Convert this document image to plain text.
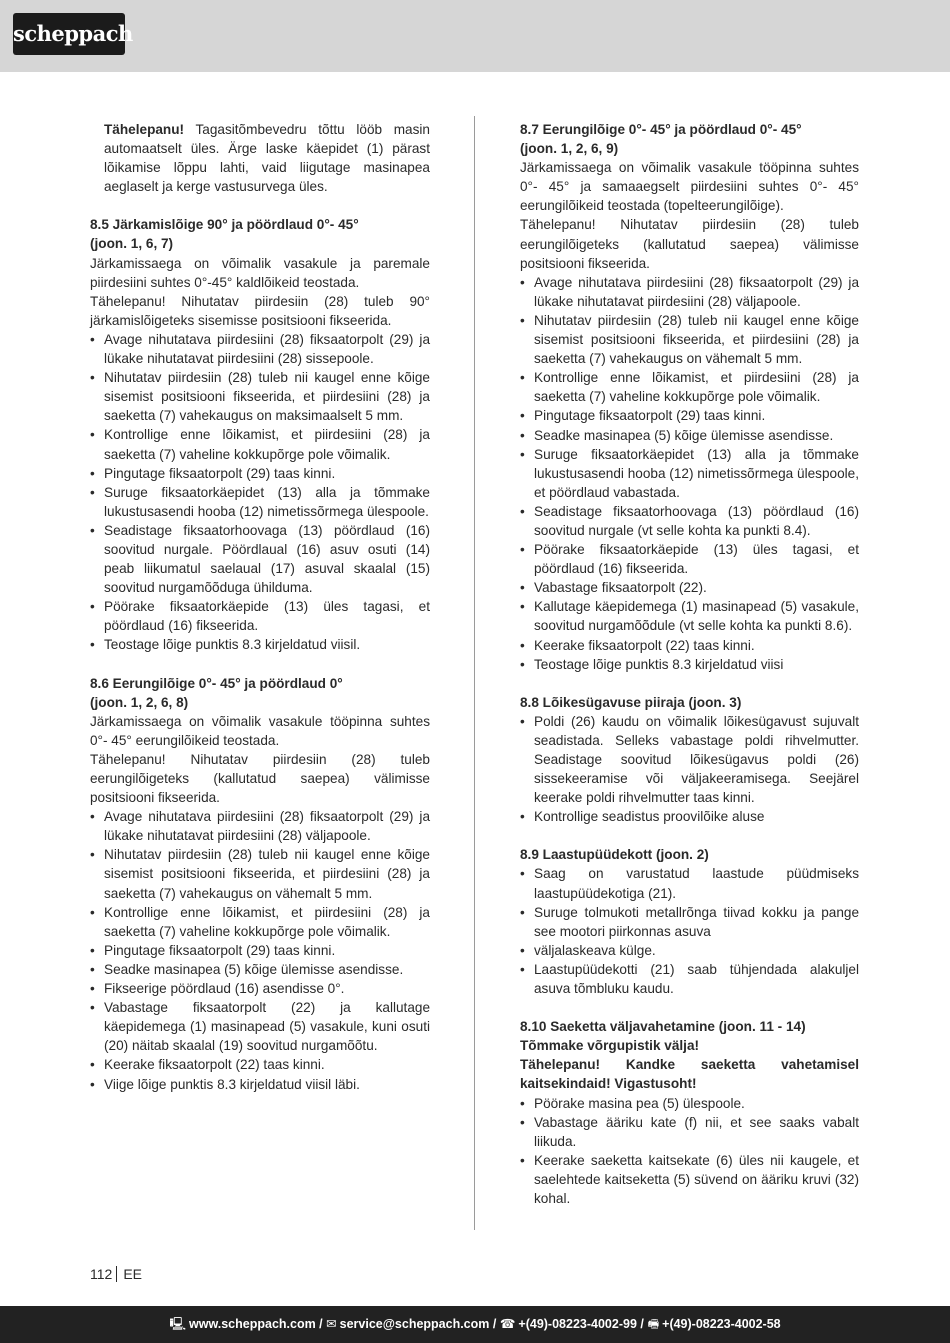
scheppach
Tähelepanu! Tagasitõmbevedru tõttu lööb masin automaatselt üles. Ärge laske käepidet (1) pärast lõikamise lõppu lahti, vaid liigutage masinapea aeglaselt ja kerge vastusurvega üles.
8.5 Järkamislõige 90° ja pöördlaud 0°- 45°
(joon. 1, 6, 7)
Järkamissaega on võimalik vasakule ja paremale piirdesiini suhtes 0°-45° kaldlõikeid teostada.
Tähelepanu! Nihutatav piirdesiin (28) tuleb 90° järkamislõigeteks sisemisse positsiooni fikseerida.
• Avage nihutatava piirdesiini (28) fiksaatorpolt (29) ja lükake nihutatavat piirdesiini (28) sissepoole.
• Nihutatav piirdesiin (28) tuleb nii kaugel enne kõige sisemist positsiooni fikseerida, et piirdesiini (28) ja saeketta (7) vahekaugus on maksimaalselt 5 mm.
• Kontrollige enne lõikamist, et piirdesiini (28) ja saeketta (7) vaheline kokkupõrge pole võimalik.
• Pingutage fiksaatorpolt (29) taas kinni.
• Suruge fiksaatorkäepidet (13) alla ja tõmmake lukustusasendi hooba (12) nimetissõrmega ülespoole.
• Seadistage fiksaatorhoovaga (13) pöördlaud (16) soovitud nurgale. Pöördlaual (16) asuv osuti (14) peab liikumatul saelaual (17) asuval skaalal (15) soovitud nurgamõõduga ühilduma.
• Pöörake fiksaatorkäepide (13) üles tagasi, et pöördlaud (16) fikseerida.
• Teostage lõige punktis 8.3 kirjeldatud viisil.
8.6 Eerungilõige 0°- 45° ja pöördlaud 0°
(joon. 1, 2, 6, 8)
Järkamissaega on võimalik vasakule tööpinna suhtes 0°- 45° eerungilõikeid teostada.
Tähelepanu! Nihutatav piirdesiin (28) tuleb eerungilõigeteks (kallutatud saepea) välimisse positsiooni fikseerida.
• Avage nihutatava piirdesiini (28) fiksaatorpolt (29) ja lükake nihutatavat piirdesiini (28) väljapoole.
• Nihutatav piirdesiin (28) tuleb nii kaugel enne kõige sisemist positsiooni fikseerida, et piirdesiini (28) ja saeketta (7) vahekaugus on vähemalt 5 mm.
• Kontrollige enne lõikamist, et piirdesiini (28) ja saeketta (7) vaheline kokkupõrge pole võimalik.
• Pingutage fiksaatorpolt (29) taas kinni.
• Seadke masinapea (5) kõige ülemisse asendisse.
• Fikseerige pöördlaud (16) asendisse 0°.
• Vabastage fiksaatorpolt (22) ja kallutage käepidemega (1) masinapead (5) vasakule, kuni osuti (20) näitab skaalal (19) soovitud nurgamõõtu.
• Keerake fiksaatorpolt (22) taas kinni.
• Viige lõige punktis 8.3 kirjeldatud viisil läbi.
8.7 Eerungilõige 0°- 45° ja pöördlaud 0°- 45°
(joon. 1, 2, 6, 9)
Järkamissaega on võimalik vasakule tööpinna suhtes 0°- 45° ja samaaegselt piirdesiini suhtes 0°- 45° eerungilõikeid teostada (topelteerungilõige).
Tähelepanu! Nihutatav piirdesiin (28) tuleb eerungilõigeteks (kallutatud saepea) välimisse positsiooni fikseerida.
• Avage nihutatava piirdesiini (28) fiksaatorpolt (29) ja lükake nihutatavat piirdesiini (28) väljapoole.
• Nihutatav piirdesiin (28) tuleb nii kaugel enne kõige sisemist positsiooni fikseerida, et piirdesiini (28) ja saeketta (7) vahekaugus on vähemalt 5 mm.
• Kontrollige enne lõikamist, et piirdesiini (28) ja saeketta (7) vaheline kokkupõrge pole võimalik.
• Pingutage fiksaatorpolt (29) taas kinni.
• Seadke masinapea (5) kõige ülemisse asendisse.
• Suruge fiksaatorkäepidet (13) alla ja tõmmake lukustusasendi hooba (12) nimetissõrmega ülespoole, et pöördlaud vabastada.
• Seadistage fiksaatorhoovaga (13) pöördlaud (16) soovitud nurgale (vt selle kohta ka punkti 8.4).
• Pöörake fiksaatorkäepide (13) üles tagasi, et pöördlaud (16) fikseerida.
• Vabastage fiksaatorpolt (22).
• Kallutage käepidemega (1) masinapead (5) vasakule, soovitud nurgamõõdule (vt selle kohta ka punkti 8.6).
• Keerake fiksaatorpolt (22) taas kinni.
• Teostage lõige punktis 8.3 kirjeldatud viisi
8.8 Lõikesügavuse piiraja (joon. 3)
• Poldi (26) kaudu on võimalik lõikesügavust sujuvalt seadistada. Selleks vabastage poldi rihvelmutter. Seadistage soovitud lõikesügavus poldi (26) sissekeeramise või väljakeeramisega. Seejärel keerake poldi rihvelmutter taas kinni.
• Kontrollige seadistus proovilõike aluse
8.9 Laastupüüdekott (joon. 2)
• Saag on varustatud laastude püüdmiseks laastupüüdekotiga (21).
• Suruge tolmukoti metallrõnga tiivad kokku ja pange see mootori piirkonnas asuva
• väljalaskeava külge.
• Laastupüüdekotti (21) saab tühjendada alakuljel asuva tõmbluku kaudu.
8.10 Saeketta väljavahetamine (joon. 11 - 14)
Tõmmake võrgupistik välja!
Tähelepanu! Kandke saeketta vahetamisel kaitsekindaid! Vigastusoht!
• Pöörake masina pea (5) ülespoole.
• Vabastage ääriku kate (f) nii, et see saaks vabalt liikuda.
• Keerake saeketta kaitsekate (6) üles nii kaugele, et saelehtede kaitseketta (5) süvend on ääriku kruvi (32) kohal.
112 EE
🖳 www.scheppach.com / ✉ service@scheppach.com / ☎ +(49)-08223-4002-99 / 🖷 +(49)-08223-4002-58
